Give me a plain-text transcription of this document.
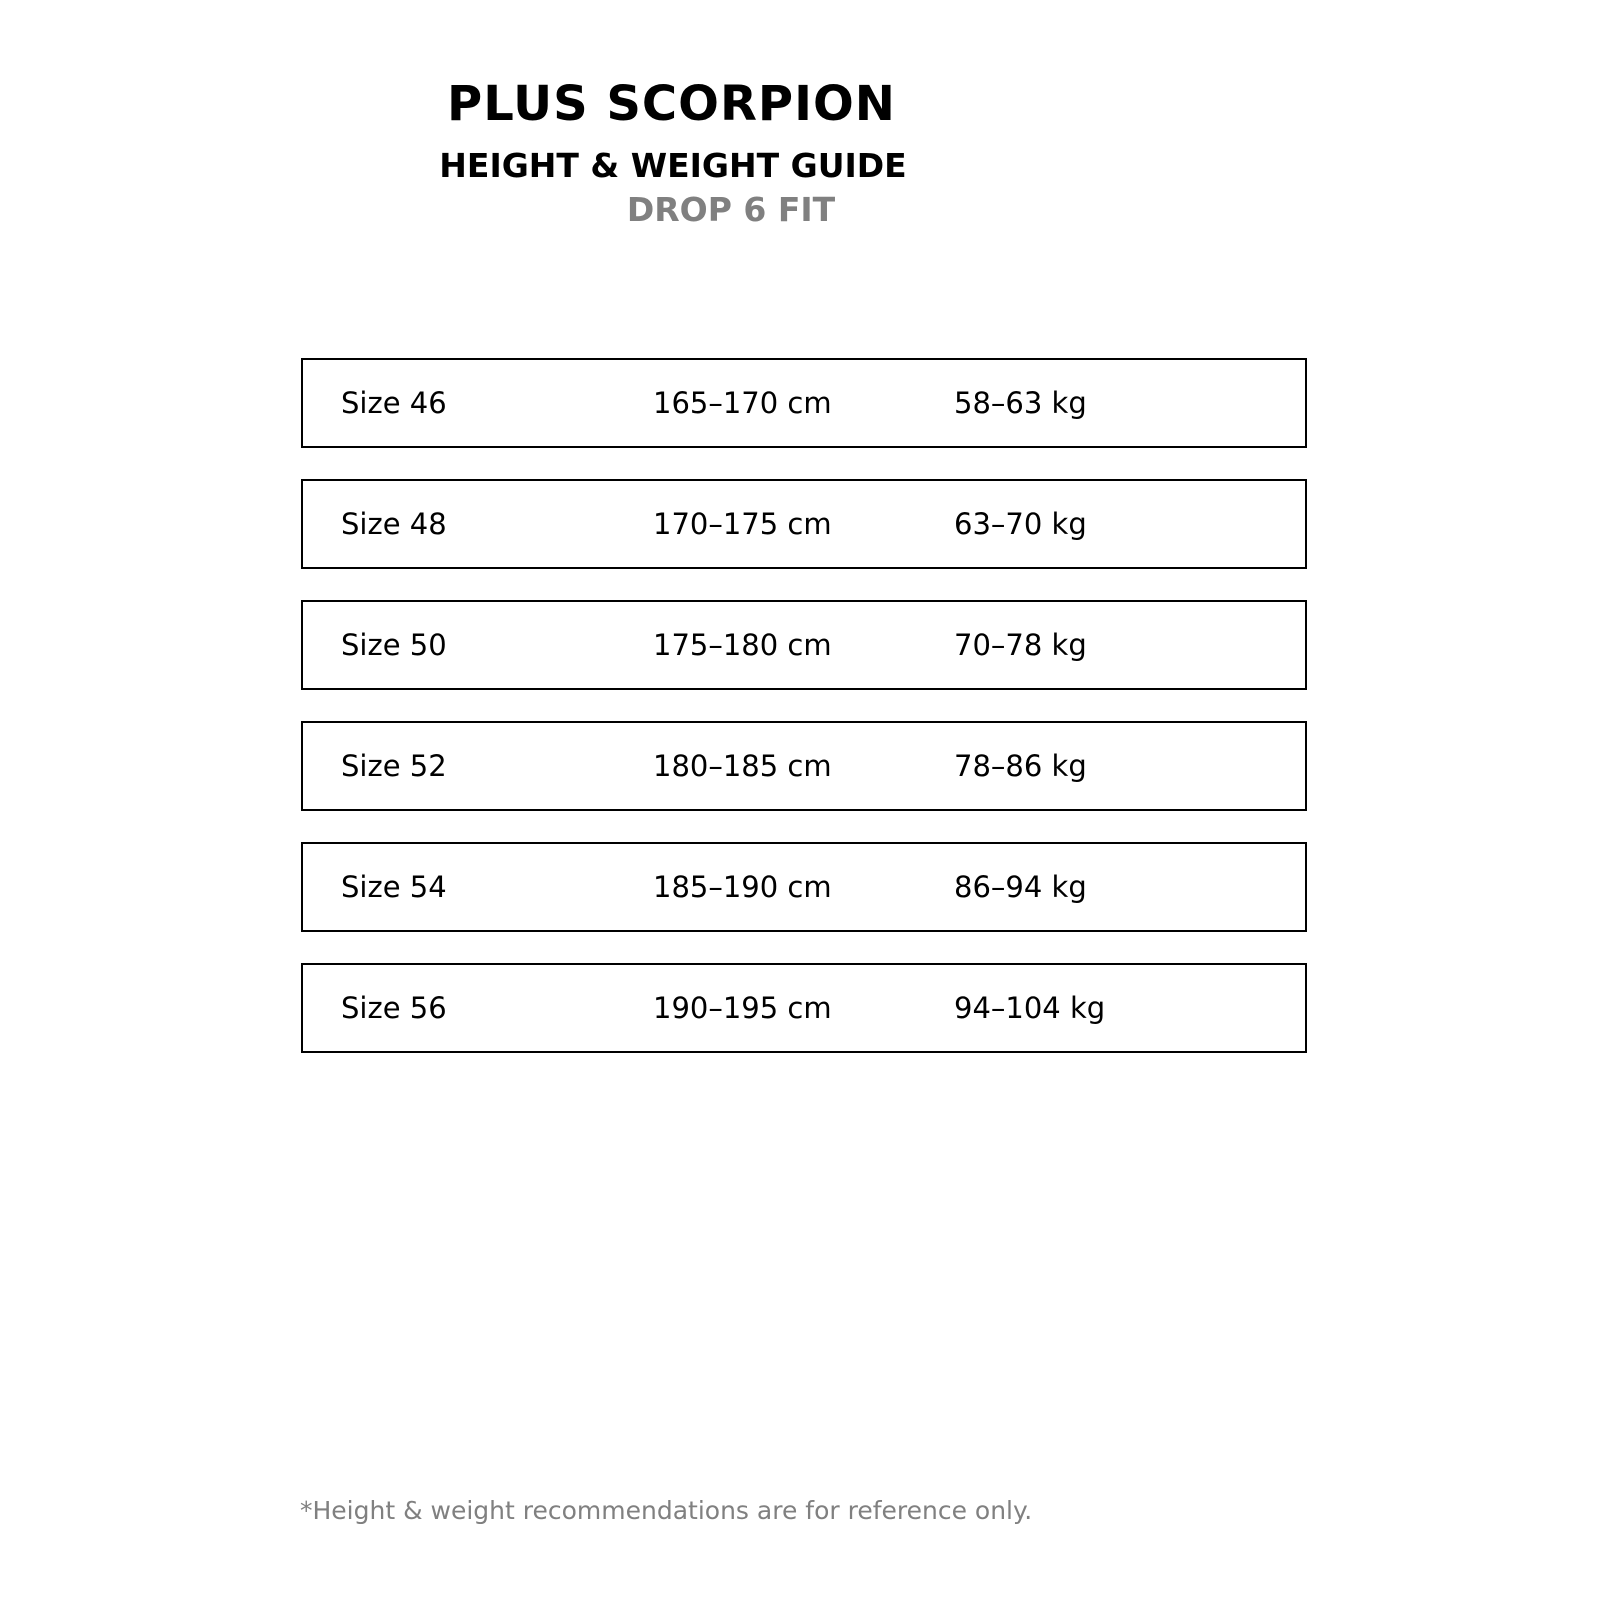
PLUS SCORPION
HEIGHT & WEIGHT GUIDE
DROP 6 FIT
Size 46	165–170 cm	58–63 kg
Size 48	170–175 cm	63–70 kg
Size 50	175–180 cm	70–78 kg
Size 52	180–185 cm	78–86 kg
Size 54	185–190 cm	86–94 kg
Size 56	190–195 cm	94–104 kg

*Height & weight recommendations are for reference only.
